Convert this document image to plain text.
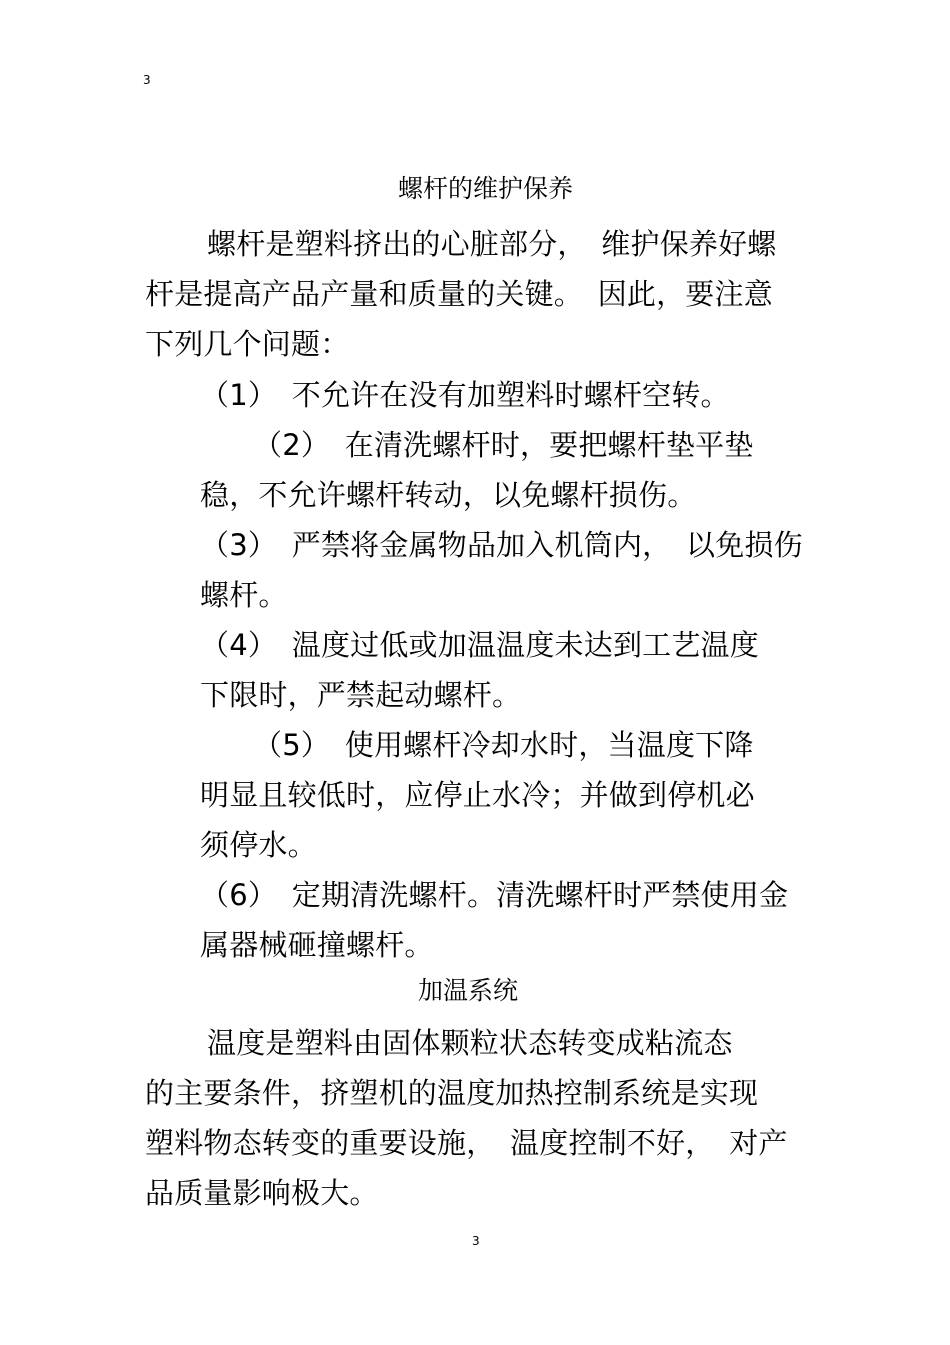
3
螺杆的维护保养
螺杆是塑料挤出的心脏部分，　维护保养好螺
杆是提高产品产量和质量的关键。　因此，要注意
下列几个问题：
（1）　不允许在没有加塑料时螺杆空转。
（2）　在清洗螺杆时，要把螺杆垫平垫
稳，不允许螺杆转动，以免螺杆损伤。
（3）　严禁将金属物品加入机筒内，　以免损伤
螺杆。
（4）　温度过低或加温温度未达到工艺温度
下限时，严禁起动螺杆。
（5）　使用螺杆冷却水时，当温度下降
明显且较低时，应停止水冷；并做到停机必
须停水。
（6）　定期清洗螺杆。清洗螺杆时严禁使用金
属器械砸撞螺杆。
加温系统
温度是塑料由固体颗粒状态转变成粘流态
的主要条件，挤塑机的温度加热控制系统是实现
塑料物态转变的重要设施，　温度控制不好，　对产
品质量影响极大。
3
